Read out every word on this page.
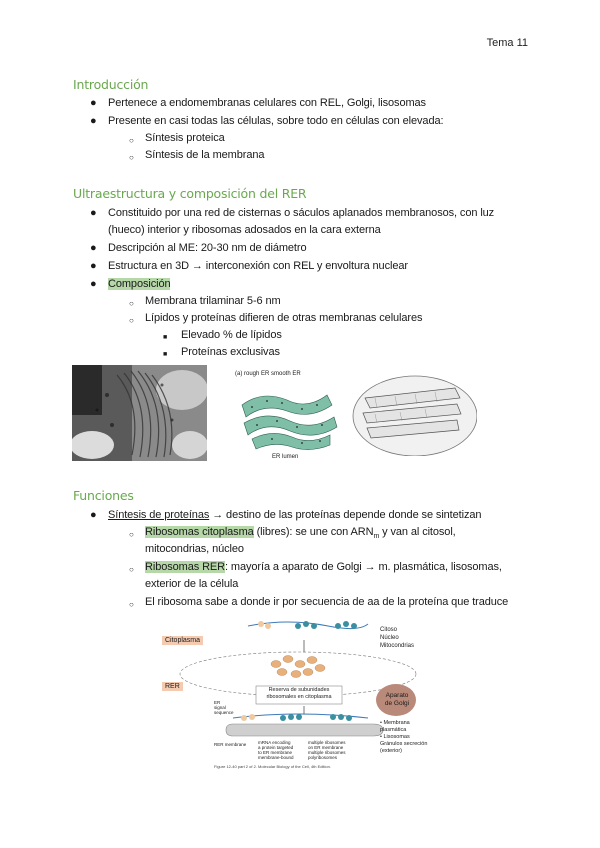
Tema 11
Introducción
● Pertenece a endomembranas celulares con REL, Golgi, lisosomas
● Presente en casi todas las células, sobre todo en células con elevada:
○ Síntesis proteica
○ Síntesis de la membrana
Ultraestructura y composición del RER
● Constituido por una red de cisternas o sáculos aplanados membranosos, con luz
(hueco) interior y ribosomas adosados en la cara externa
● Descripción al ME: 20-30 nm de diámetro
● Estructura en 3D → interconexión con REL y envoltura nuclear
● Composición
○ Membrana trilaminar 5-6 nm
○ Lípidos y proteínas difieren de otras membranas celulares
■ Elevado % de lípidos
■ Proteínas exclusivas
(a) rough ER smooth ER
ER lumen
Funciones
● Síntesis de proteínas → destino de las proteínas depende donde se sintetizan
○ Ribosomas citoplasma (libres): se une con $ARN_m$ y van al citosol,
mitocondrias, núcleo
○ Ribosomas RER: mayoría a aparato de Golgi → m. plasmática, lisosomas,
exterior de la célula
○ El ribosoma sabe a donde ir por secuencia de aa de la proteína que traduce
Citoplasma
RER
Citoso
Núcleo
Mitocondrias
Reserva de subunidades
ribosomales en citoplasma	Aparato
de Golgi
• Membrana
plasmática
• Lisosomas
Gránulos secreción
(exterior)
ER
signal
sequence
RER membrane	mRNA encoding
a protein targeted
to ER membrane
membrane-bound
multiple ribosomes
on ER membrane
multiple ribosomes
polyribosomes
Figure 12-40 part 2 of 2. Molecular Biology of the Cell, 4th Edition.
